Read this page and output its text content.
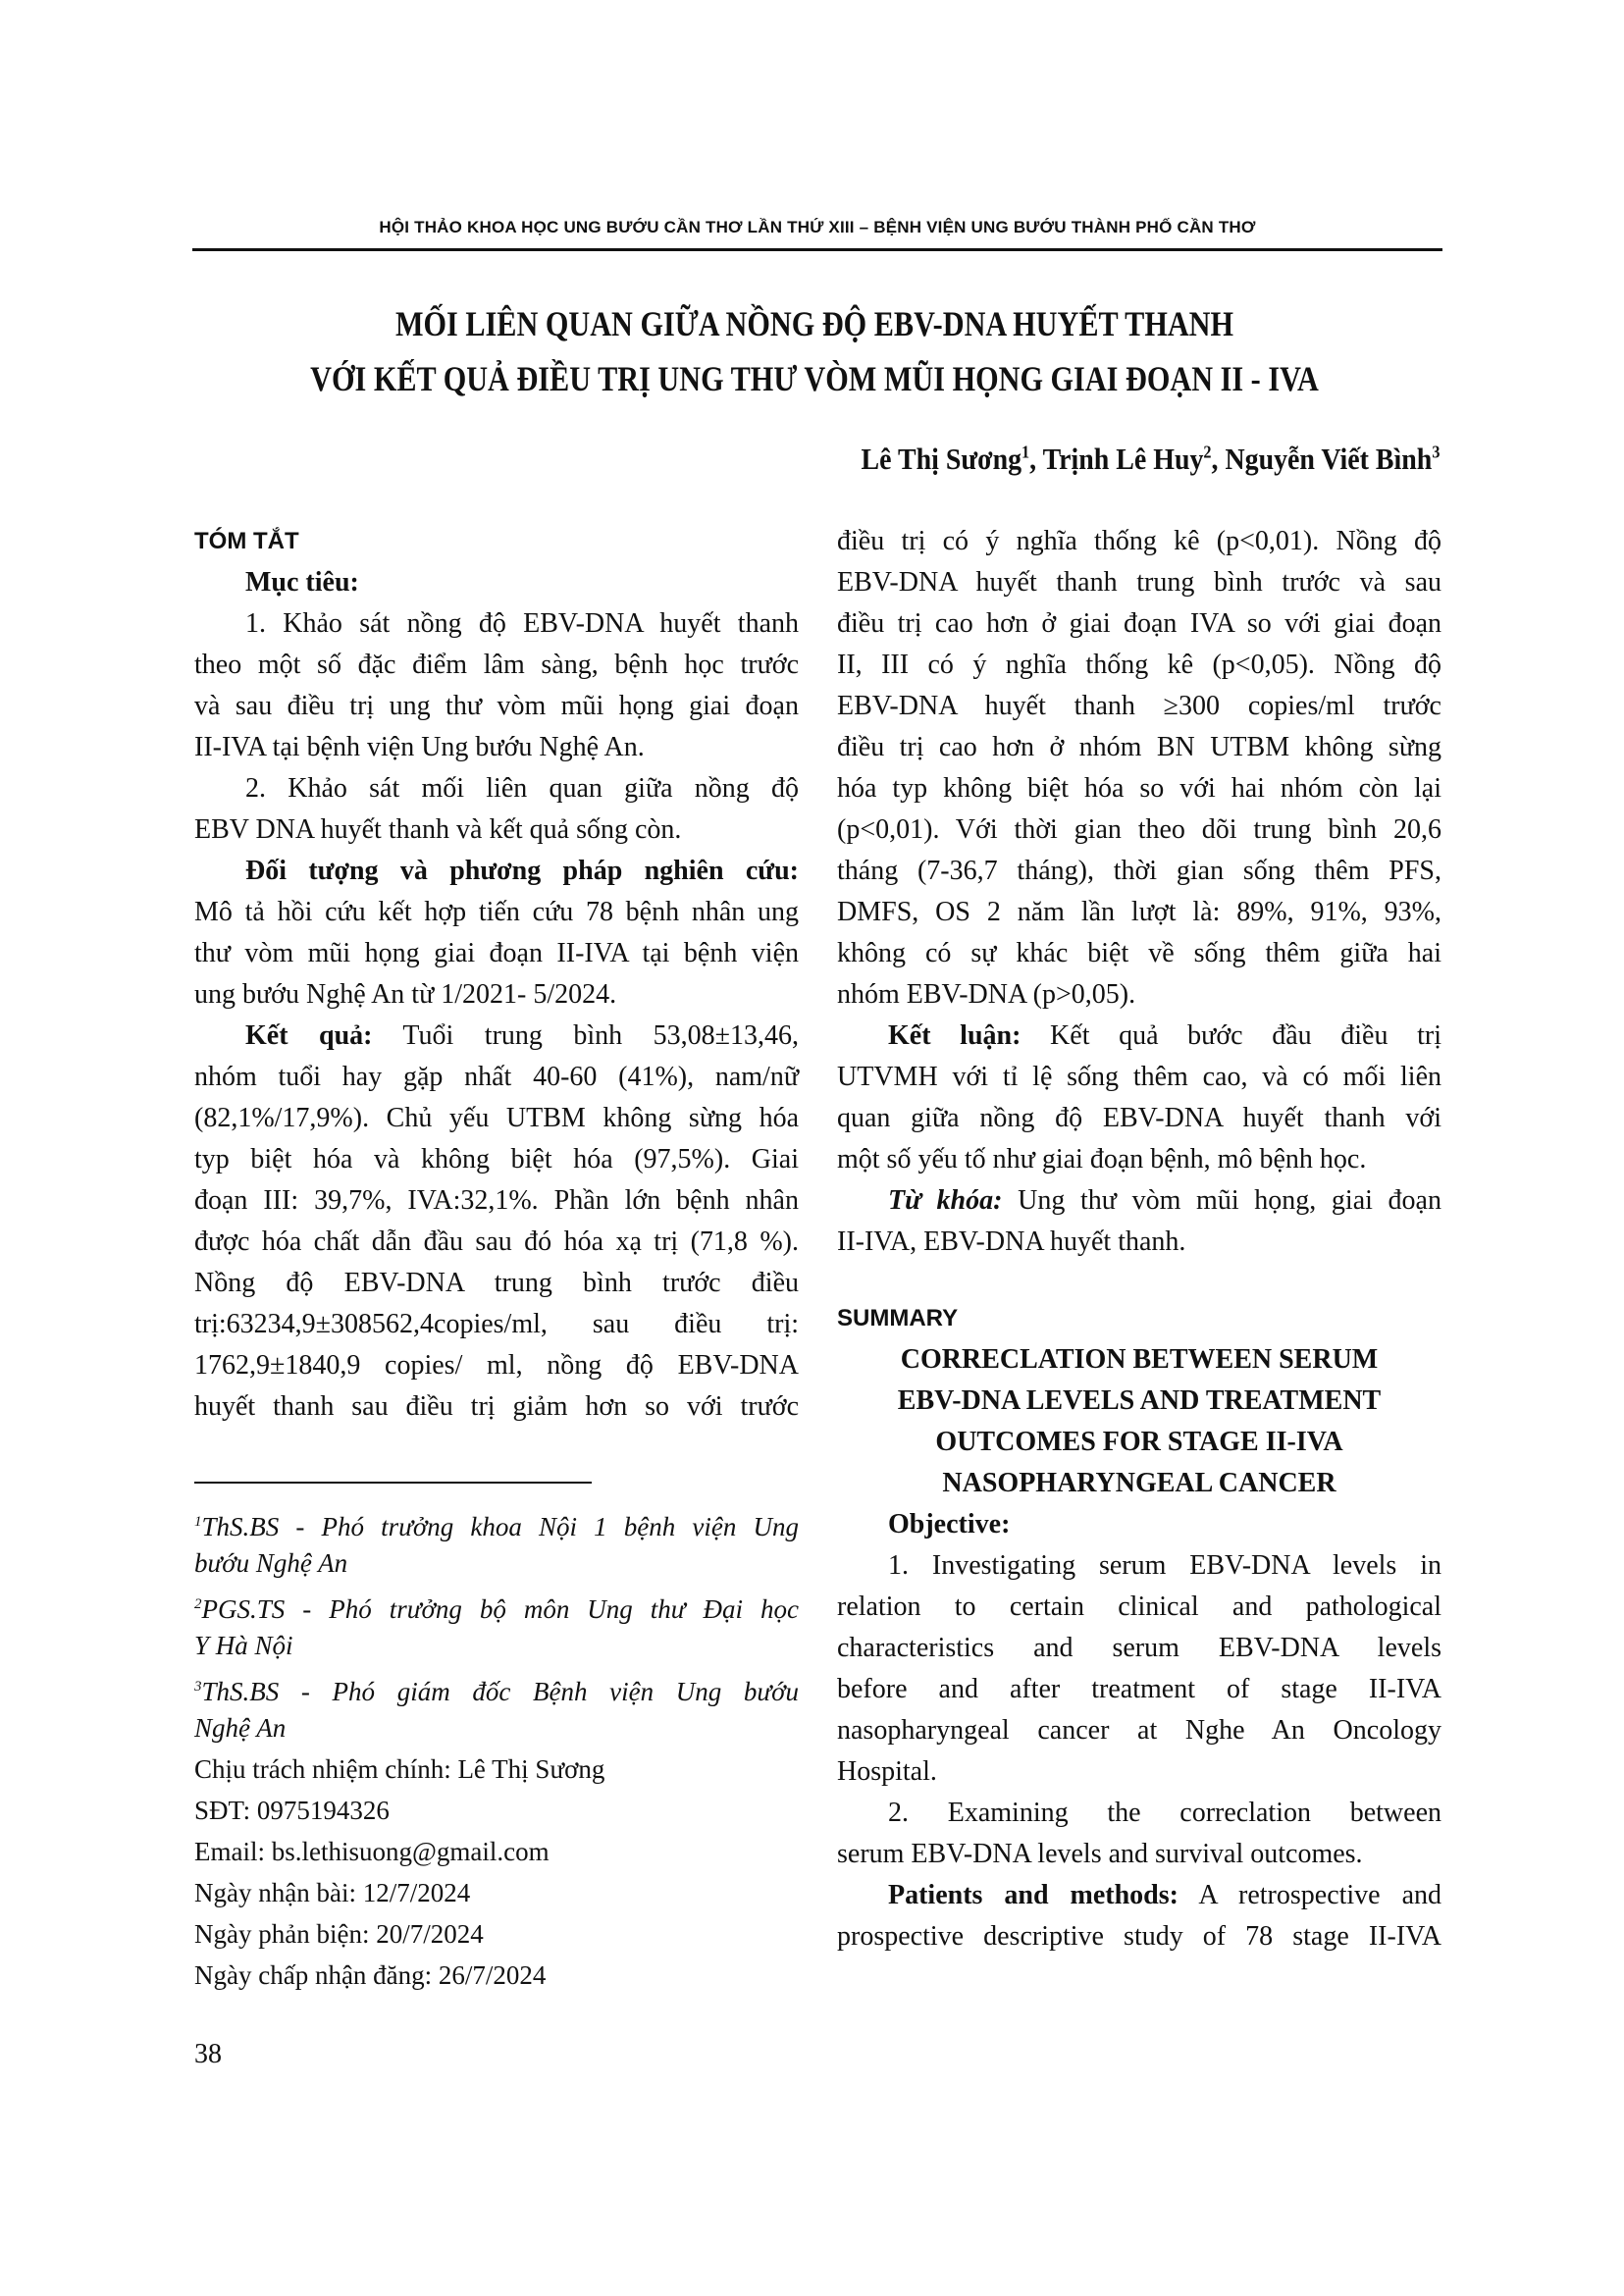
HỘI THẢO KHOA HỌC UNG BƯỚU CẦN THƠ LẦN THỨ XIII – BỆNH VIỆN UNG BƯỚU THÀNH PHỐ CẦN THƠ
MỐI LIÊN QUAN GIỮA NỒNG ĐỘ EBV-DNA HUYẾT THANH
VỚI KẾT QUẢ ĐIỀU TRỊ UNG THƯ VÒM MŨI HỌNG GIAI ĐOẠN II - IVA
Lê Thị Sương$^1$, Trịnh Lê Huy$^2$, Nguyễn Viết Bình$^3$
TÓM TẮT
Mục tiêu:
1. Khảo sát nồng độ EBV-DNA huyết thanh
theo một số đặc điểm lâm sàng, bệnh học trước
và sau điều trị ung thư vòm mũi họng giai đoạn
II-IVA tại bệnh viện Ung bướu Nghệ An.
2. Khảo sát mối liên quan giữa nồng độ
EBV DNA huyết thanh và kết quả sống còn.
Đối tượng và phương pháp nghiên cứu:
Mô tả hồi cứu kết hợp tiến cứu 78 bệnh nhân ung
thư vòm mũi họng giai đoạn II-IVA tại bệnh viện
ung bướu Nghệ An từ 1/2021- 5/2024.
Kết quả: Tuổi trung bình 53,08±13,46,
nhóm tuổi hay gặp nhất 40-60 (41%), nam/nữ
(82,1%/17,9%). Chủ yếu UTBM không sừng hóa
typ biệt hóa và không biệt hóa (97,5%). Giai
đoạn III: 39,7%, IVA:32,1%. Phần lớn bệnh nhân
được hóa chất dẫn đầu sau đó hóa xạ trị (71,8 %).
Nồng độ EBV-DNA trung bình trước điều
trị:63234,9±308562,4copies/ml, sau điều trị:
1762,9±1840,9 copies/ ml, nồng độ EBV-DNA
huyết thanh sau điều trị giảm hơn so với trước
điều trị có ý nghĩa thống kê (p<0,01). Nồng độ
EBV-DNA huyết thanh trung bình trước và sau
điều trị cao hơn ở giai đoạn IVA so với giai đoạn
II, III có ý nghĩa thống kê (p<0,05). Nồng độ
EBV-DNA huyết thanh ≥300 copies/ml trước
điều trị cao hơn ở nhóm BN UTBM không sừng
hóa typ không biệt hóa so với hai nhóm còn lại
(p<0,01). Với thời gian theo dõi trung bình 20,6
tháng (7-36,7 tháng), thời gian sống thêm PFS,
DMFS, OS 2 năm lần lượt là: 89%, 91%, 93%,
không có sự khác biệt về sống thêm giữa hai
nhóm EBV-DNA (p>0,05).
Kết luận: Kết quả bước đầu điều trị
UTVMH với tỉ lệ sống thêm cao, và có mối liên
quan giữa nồng độ EBV-DNA huyết thanh với
một số yếu tố như giai đoạn bệnh, mô bệnh học.
Từ khóa: Ung thư vòm mũi họng, giai đoạn
II-IVA, EBV-DNA huyết thanh.
SUMMARY
CORRECLATION BETWEEN SERUM
EBV-DNA LEVELS AND TREATMENT
OUTCOMES FOR STAGE II-IVA
NASOPHARYNGEAL CANCER
Objective:
1. Investigating serum EBV-DNA levels in
relation to certain clinical and pathological
characteristics and serum EBV-DNA levels
before and after treatment of stage II-IVA
nasopharyngeal cancer at Nghe An Oncology
Hospital.
2. Examining the correclation between
serum EBV-DNA levels and survival outcomes.
Patients and methods: A retrospective and
prospective descriptive study of 78 stage II-IVA
$^1$ThS.BS - Phó trưởng khoa Nội 1 bệnh viện Ung
bướu Nghệ An
$^2$PGS.TS - Phó trưởng bộ môn Ung thư Đại học
Y Hà Nội
$^3$ThS.BS - Phó giám đốc Bệnh viện Ung bướu
Nghệ An
Chịu trách nhiệm chính: Lê Thị Sương
SĐT: 0975194326
Email: bs.lethisuong@gmail.com
Ngày nhận bài: 12/7/2024
Ngày phản biện: 20/7/2024
Ngày chấp nhận đăng: 26/7/2024
38
